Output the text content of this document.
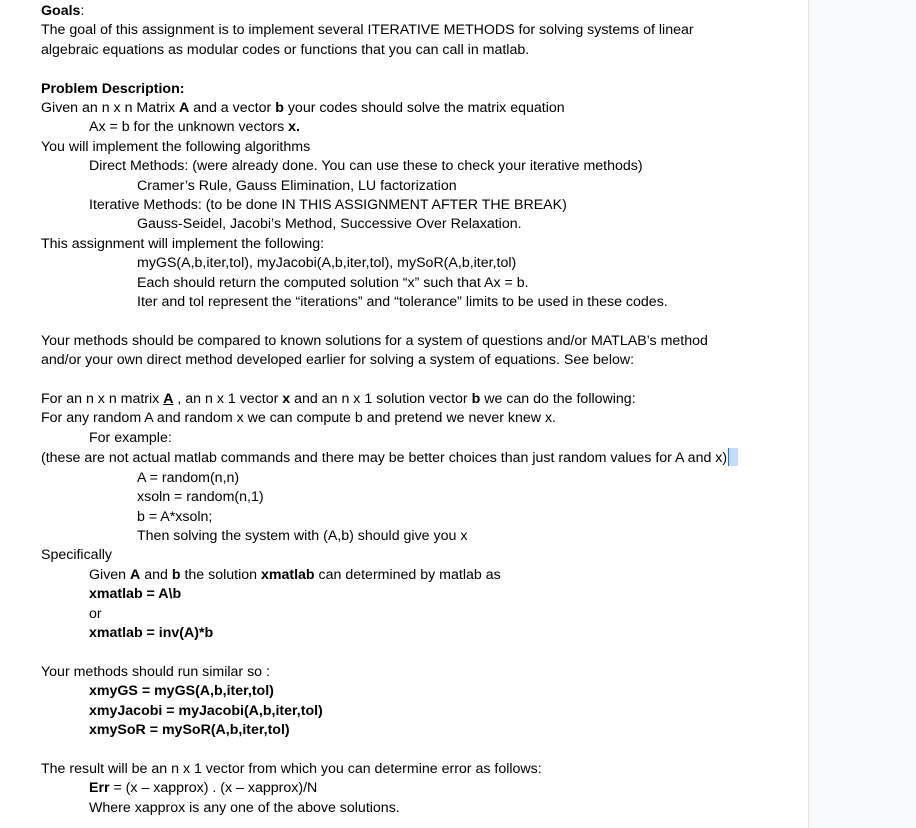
Goals:

The goal of this assignment is to implement several ITERATIVE METHODS for solving systems of linear algebraic equations as modular codes or functions that you can call in matlab.

Problem Description:

Given an n x n Matrix A and a vector b your codes should solve the matrix equation

Ax = b for the unknown vectors x.

You will implement the following algorithms

Direct Methods: (were already done. You can use these to check your iterative methods)

Cramer’s Rule, Gauss Elimination, LU factorization

Iterative Methods: (to be done IN THIS ASSIGNMENT AFTER THE BREAK)

Gauss-Seidel, Jacobi’s Method, Successive Over Relaxation.

This assignment will implement the following:

myGS(A,b,iter,tol), myJacobi(A,b,iter,tol), mySoR(A,b,iter,tol)

Each should return the computed solution “x” such that Ax = b.

Iter and tol represent the “iterations” and “tolerance” limits to be used in these codes.

Your methods should be compared to known solutions for a system of questions and/or MATLAB’s method

and/or your own direct method developed earlier for solving a system of equations. See below:

For an n x n matrix A , an n x 1 vector x and an n x 1 solution vector b we can do the following:

For any random A and random x we can compute b and pretend we never knew x.

For example:

(these are not actual matlab commands and there may be better choices than just random values for A and x)

A = random(n,n)

xsoln = random(n,1)

b = A*xsoln;

Then solving the system with (A,b) should give you x

Specifically

Given A and b the solution xmatlab can determined by matlab as

xmatlab = A\b

or

xmatlab = inv(A)*b

Your methods should run similar so :

xmyGS = myGS(A,b,iter,tol)

xmyJacobi = myJacobi(A,b,iter,tol)

xmySoR = mySoR(A,b,iter,tol)

The result will be an n x 1 vector from which you can determine error as follows:

Err = (x – xapprox) . (x – xapprox)/N

Where xapprox is any one of the above solutions.
